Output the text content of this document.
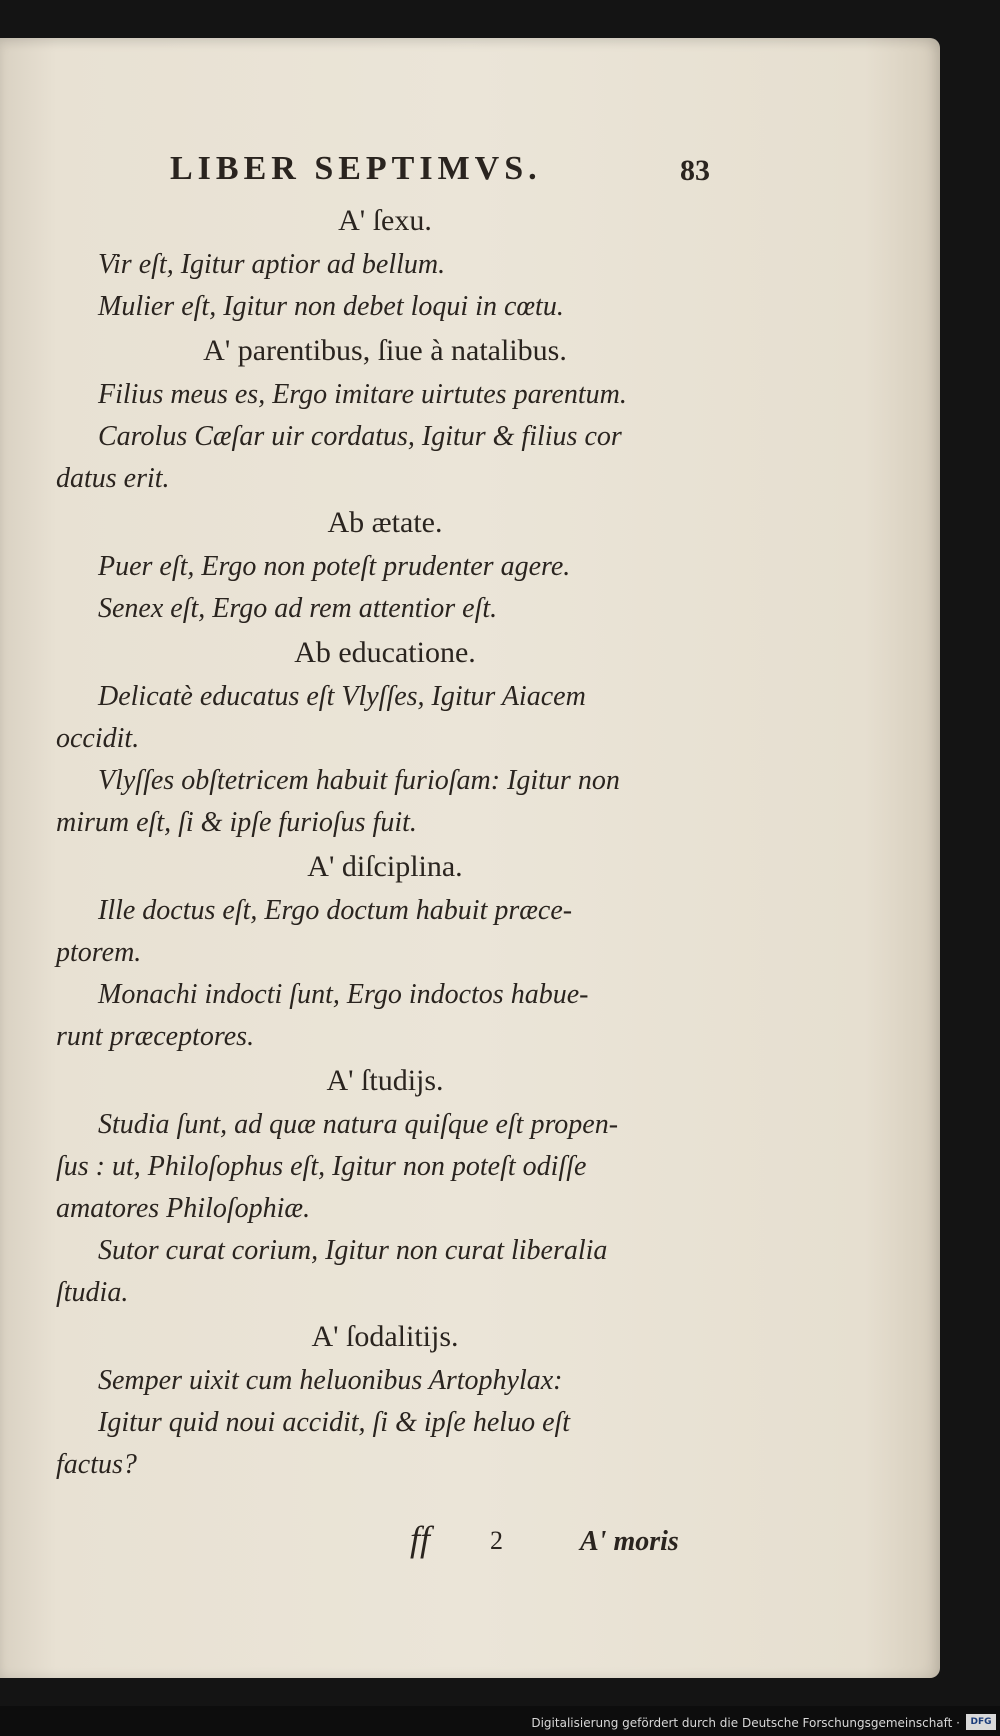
LIBER SEPTIMVS.	83
A' ſexu.
Vir eſt, Igitur aptior ad bellum.
Mulier eſt, Igitur non debet loqui in cœtu.
A' parentibus, ſiue à natalibus.
Filius meus es, Ergo imitare uirtutes parentum.
Carolus Cæſar uir cordatus, Igitur & filius cor
datus erit.
Ab ætate.
Puer eſt, Ergo non poteſt prudenter agere.
Senex eſt, Ergo ad rem attentior eſt.
Ab educatione.
Delicatè educatus eſt Vlyſſes, Igitur Aiacem
occidit.
Vlyſſes obſtetricem habuit furioſam: Igitur non
mirum eſt, ſi & ipſe furioſus fuit.
A' diſciplina.
Ille doctus eſt, Ergo doctum habuit præce-
ptorem.
Monachi indocti ſunt, Ergo indoctos habue-
runt præceptores.
A' ſtudijs.
Studia ſunt, ad quæ natura quiſque eſt propen-
ſus : ut, Philoſophus eſt, Igitur non poteſt odiſſe
amatores Philoſophiæ.
Sutor curat corium, Igitur non curat liberalia
ſtudia.
A' ſodalitijs.
Semper uixit cum heluonibus Artophylax:
Igitur quid noui accidit, ſi & ipſe heluo eſt
factus?
ff 2	A' moris
Digitalisierung gefördert durch die Deutsche Forschungsgemeinschaft ·	DFG
